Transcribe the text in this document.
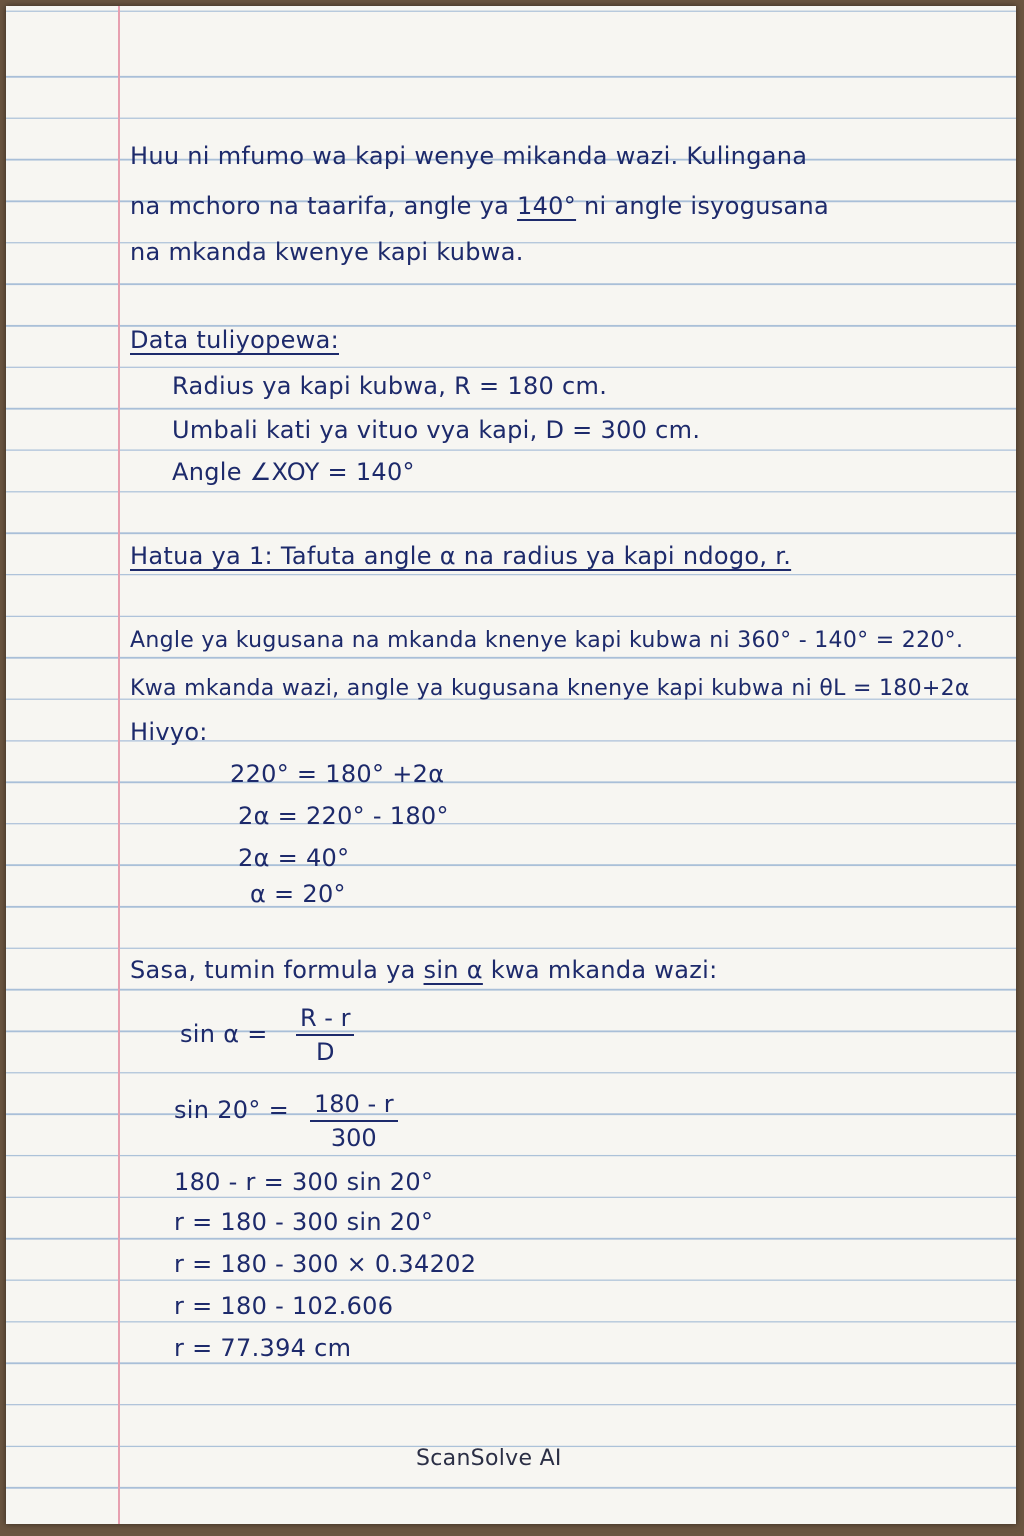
Huu ni mfumo wa kapi wenye mikanda wazi. Kulingana
na mchoro na taarifa, angle ya 140° ni angle isyogusana
na mkanda kwenye kapi kubwa.
Data tuliyopewa:
Radius ya kapi kubwa, R = 180 cm.
Umbali kati ya vituo vya kapi, D = 300 cm.
Angle ∠XOY = 140°
Hatua ya 1: Tafuta angle α na radius ya kapi ndogo, r.
Angle ya kugusana na mkanda knenye kapi kubwa ni 360° - 140° = 220°.
Kwa mkanda wazi, angle ya kugusana knenye kapi kubwa ni θL = 180+2α
Hivyo:
220° = 180° +2α
2α = 220° - 180°
2α = 40°
α = 20°
Sasa, tumin formula ya sin α kwa mkanda wazi:
$\sin \alpha = \frac{R - r}{D}$
$\sin 20^\circ = \frac{180 - r}{300}$
180 - r = 300 sin 20°
r = 180 - 300 sin 20°
r = 180 - 300 × 0.34202
r = 180 - 102.606
r = 77.394 cm
ScanSolve AI
